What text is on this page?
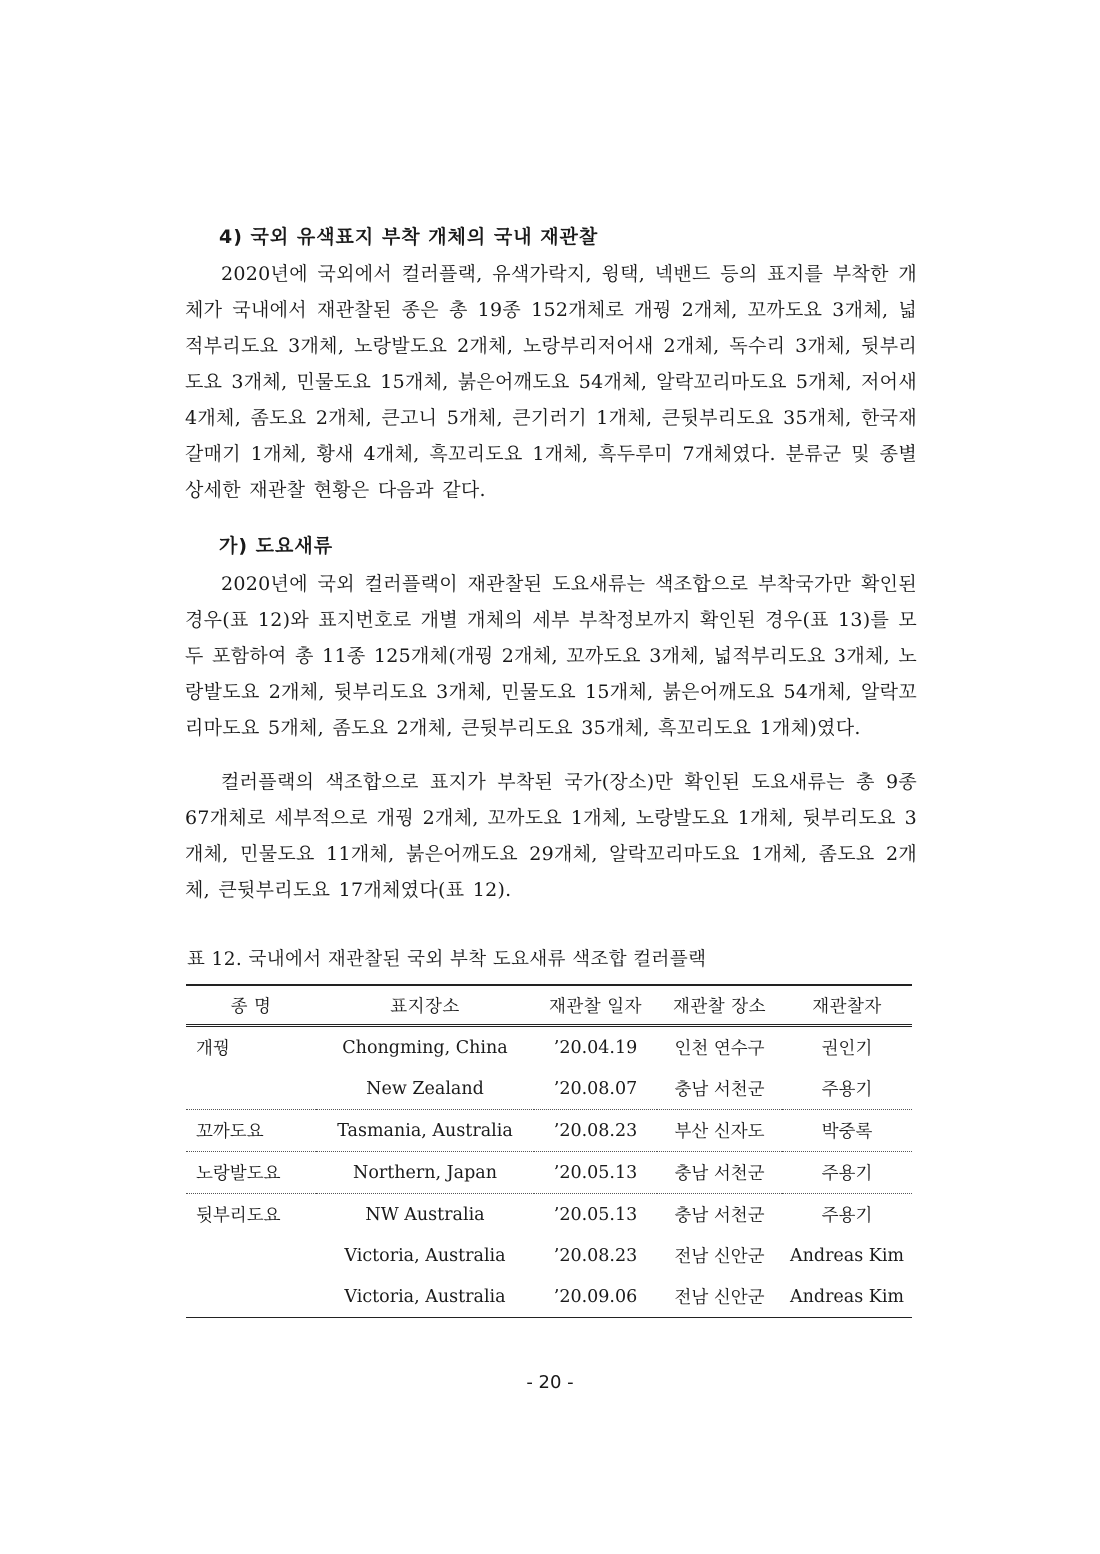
4) 국외 유색표지 부착 개체의 국내 재관찰
2020년에 국외에서 컬러플랙, 유색가락지, 윙택, 넥밴드 등의 표지를 부착한 개체가 국내에서 재관찰된 종은 총 19종 152개체로 개꿩 2개체, 꼬까도요 3개체, 넓적부리도요 3개체, 노랑발도요 2개체, 노랑부리저어새 2개체, 독수리 3개체, 뒷부리도요 3개체, 민물도요 15개체, 붉은어깨도요 54개체, 알락꼬리마도요 5개체, 저어새 4개체, 좀도요 2개체, 큰고니 5개체, 큰기러기 1개체, 큰뒷부리도요 35개체, 한국재갈매기 1개체, 황새 4개체, 흑꼬리도요 1개체, 흑두루미 7개체였다. 분류군 및 종별 상세한 재관찰 현황은 다음과 같다.
가) 도요새류
2020년에 국외 컬러플랙이 재관찰된 도요새류는 색조합으로 부착국가만 확인된 경우(표 12)와 표지번호로 개별 개체의 세부 부착정보까지 확인된 경우(표 13)를 모두 포함하여 총 11종 125개체(개꿩 2개체, 꼬까도요 3개체, 넓적부리도요 3개체, 노랑발도요 2개체, 뒷부리도요 3개체, 민물도요 15개체, 붉은어깨도요 54개체, 알락꼬리마도요 5개체, 좀도요 2개체, 큰뒷부리도요 35개체, 흑꼬리도요 1개체)였다.
컬러플랙의 색조합으로 표지가 부착된 국가(장소)만 확인된 도요새류는 총 9종 67개체로 세부적으로 개꿩 2개체, 꼬까도요 1개체, 노랑발도요 1개체, 뒷부리도요 3개체, 민물도요 11개체, 붉은어깨도요 29개체, 알락꼬리마도요 1개체, 좀도요 2개체, 큰뒷부리도요 17개체였다(표 12).
표 12. 국내에서 재관찰된 국외 부착 도요새류 색조합 컬러플랙
종 명	표지장소	재관찰 일자	재관찰 장소	재관찰자
개꿩	Chongming, China	’20.04.19	인천 연수구	권인기
	New Zealand	’20.08.07	충남 서천군	주용기
꼬까도요	Tasmania, Australia	’20.08.23	부산 신자도	박중록
노랑발도요	Northern, Japan	’20.05.13	충남 서천군	주용기
뒷부리도요	NW Australia	’20.05.13	충남 서천군	주용기
	Victoria, Australia	’20.08.23	전남 신안군	Andreas Kim
	Victoria, Australia	’20.09.06	전남 신안군	Andreas Kim
- 20 -
